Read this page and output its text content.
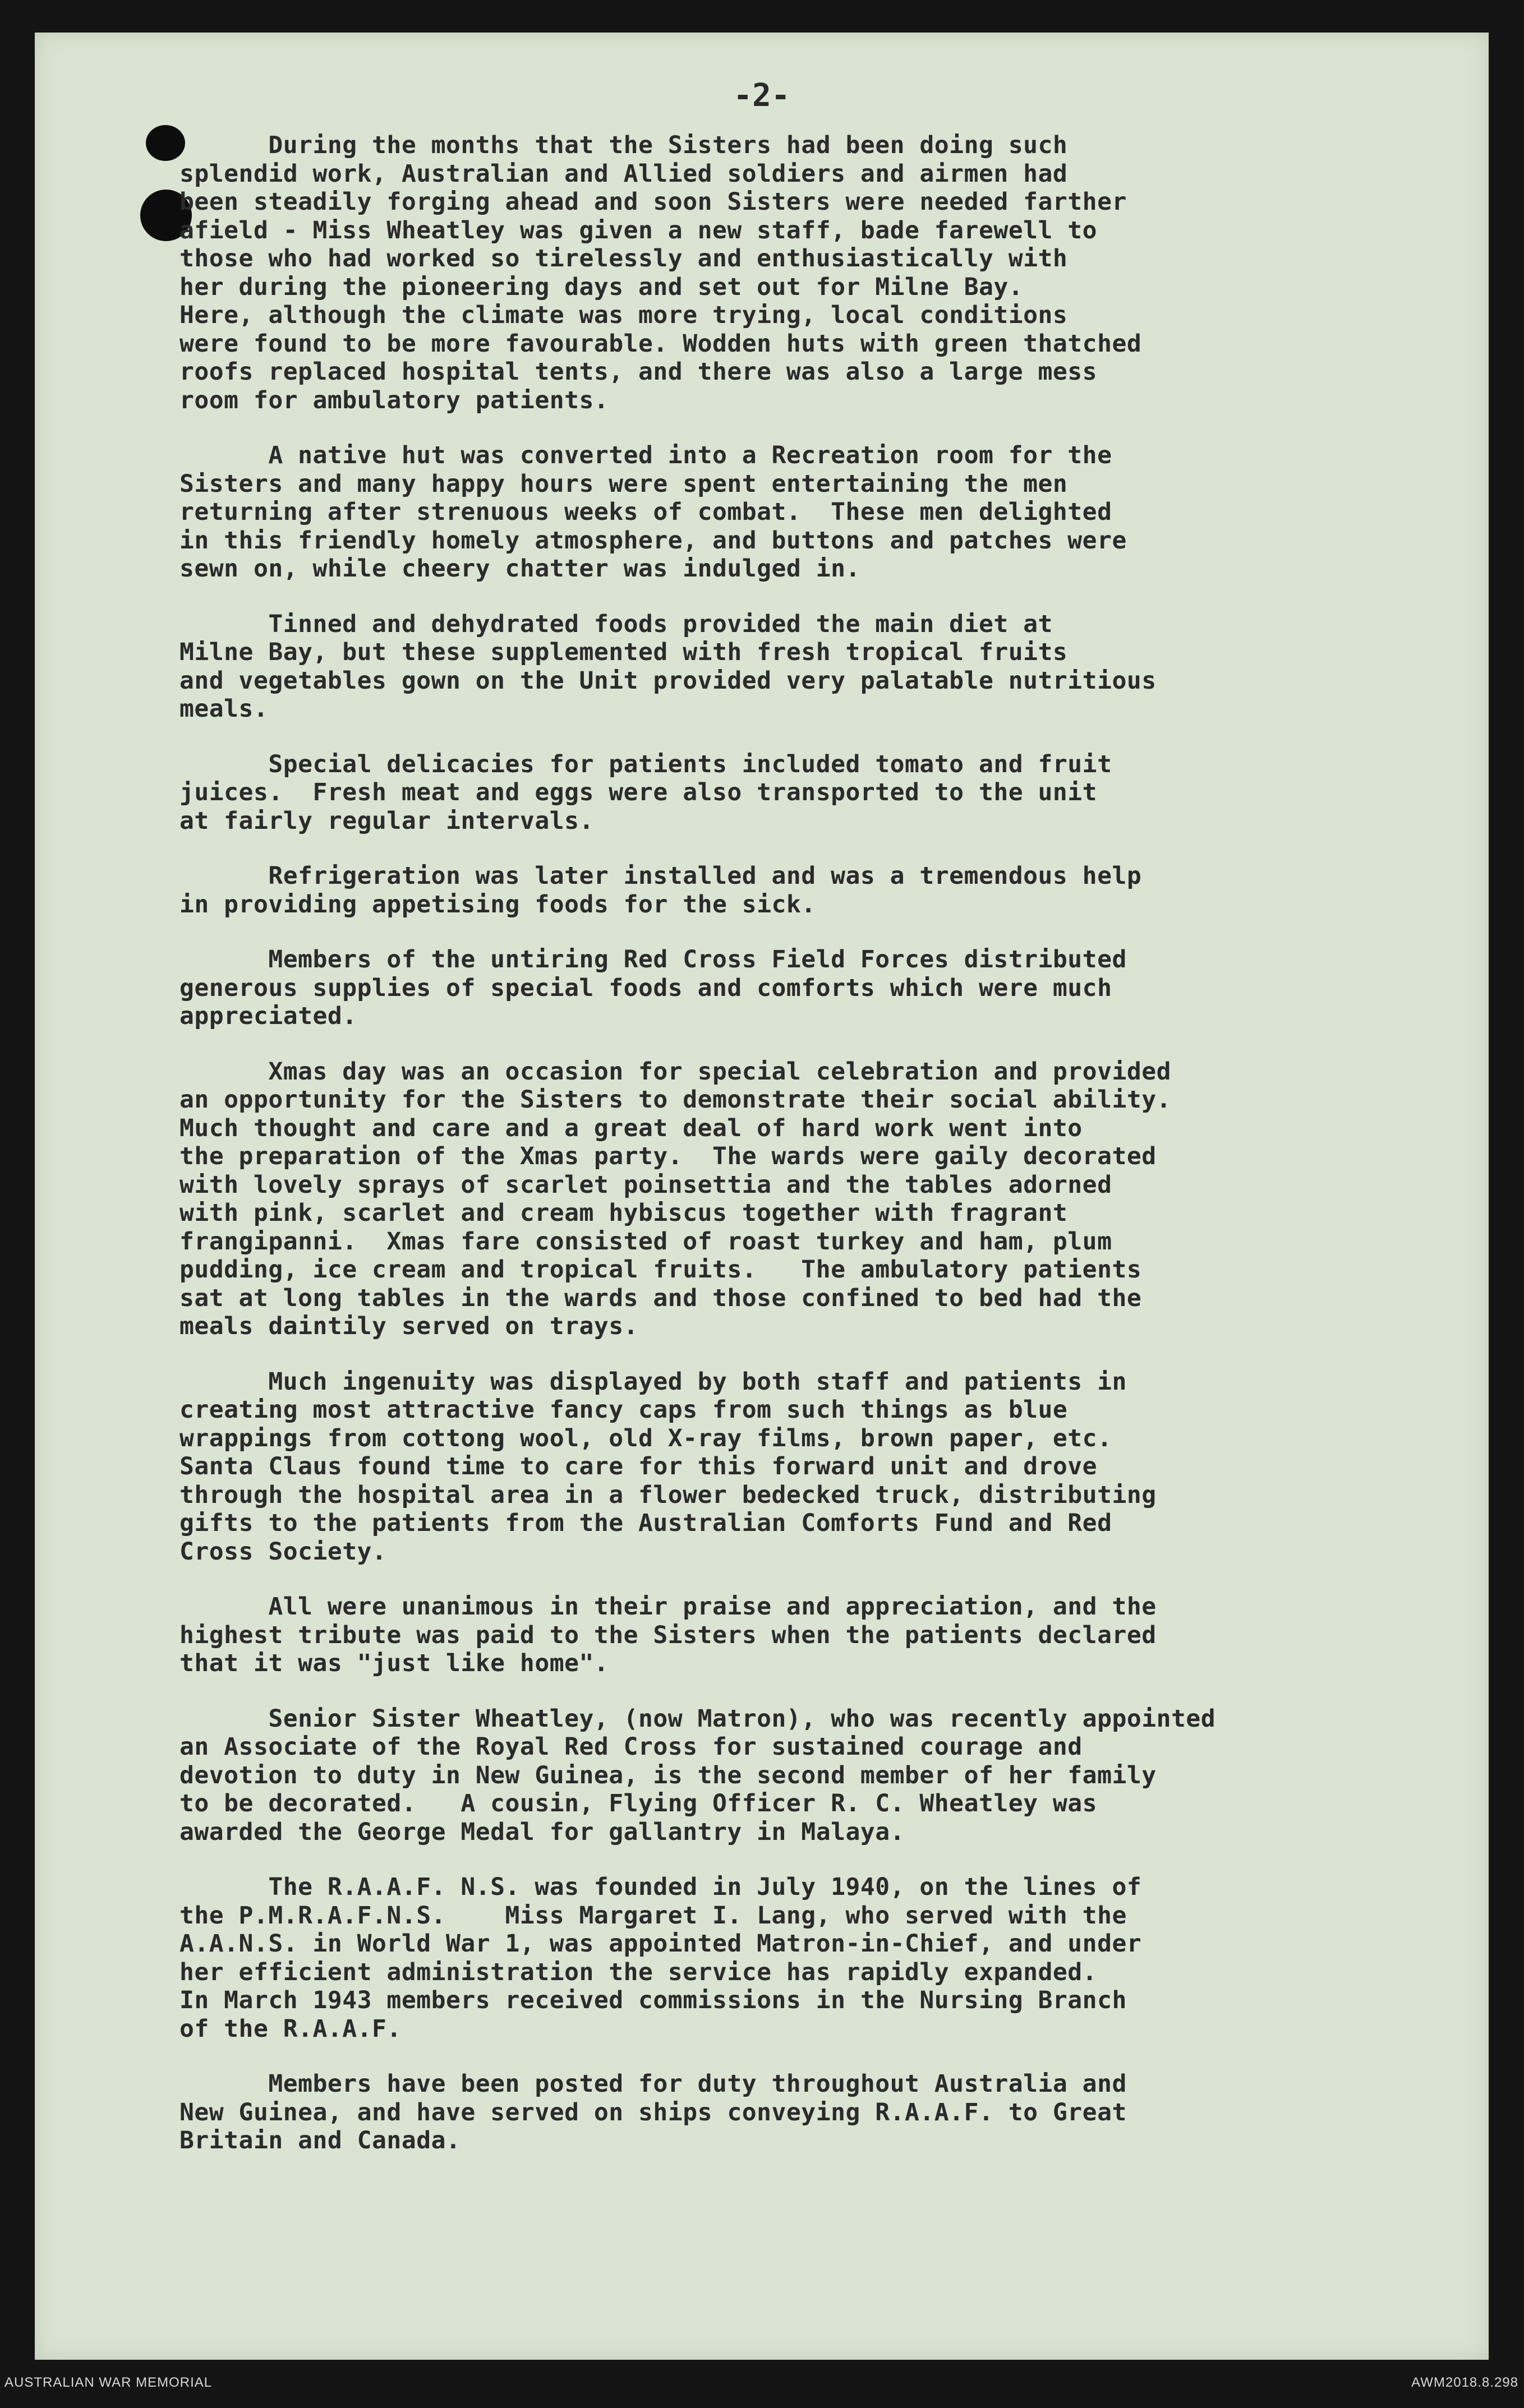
-2-
During the months that the Sisters had been doing such
splendid work, Australian and Allied soldiers and airmen had
been steadily forging ahead and soon Sisters were needed farther
afield - Miss Wheatley was given a new staff, bade farewell to
those who had worked so tirelessly and enthusiastically with
her during the pioneering days and set out for Milne Bay.
Here, although the climate was more trying, local conditions
were found to be more favourable. Wodden huts with green thatched
roofs replaced hospital tents, and there was also a large mess
room for ambulatory patients.
A native hut was converted into a Recreation room for the
Sisters and many happy hours were spent entertaining the men
returning after strenuous weeks of combat.  These men delighted
in this friendly homely atmosphere, and buttons and patches were
sewn on, while cheery chatter was indulged in.
Tinned and dehydrated foods provided the main diet at
Milne Bay, but these supplemented with fresh tropical fruits
and vegetables gown on the Unit provided very palatable nutritious
meals.
Special delicacies for patients included tomato and fruit
juices.  Fresh meat and eggs were also transported to the unit
at fairly regular intervals.
Refrigeration was later installed and was a tremendous help
in providing appetising foods for the sick.
Members of the untiring Red Cross Field Forces distributed
generous supplies of special foods and comforts which were much
appreciated.
Xmas day was an occasion for special celebration and provided
an opportunity for the Sisters to demonstrate their social ability.
Much thought and care and a great deal of hard work went into
the preparation of the Xmas party.  The wards were gaily decorated
with lovely sprays of scarlet poinsettia and the tables adorned
with pink, scarlet and cream hybiscus together with fragrant
frangipanni.  Xmas fare consisted of roast turkey and ham, plum
pudding, ice cream and tropical fruits.   The ambulatory patients
sat at long tables in the wards and those confined to bed had the
meals daintily served on trays.
Much ingenuity was displayed by both staff and patients in
creating most attractive fancy caps from such things as blue
wrappings from cottong wool, old X-ray films, brown paper, etc.
Santa Claus found time to care for this forward unit and drove
through the hospital area in a flower bedecked truck, distributing
gifts to the patients from the Australian Comforts Fund and Red
Cross Society.
All were unanimous in their praise and appreciation, and the
highest tribute was paid to the Sisters when the patients declared
that it was "just like home".
Senior Sister Wheatley, (now Matron), who was recently appointed
an Associate of the Royal Red Cross for sustained courage and
devotion to duty in New Guinea, is the second member of her family
to be decorated.   A cousin, Flying Officer R. C. Wheatley was
awarded the George Medal for gallantry in Malaya.
The R.A.A.F. N.S. was founded in July 1940, on the lines of
the P.M.R.A.F.N.S.    Miss Margaret I. Lang, who served with the
A.A.N.S. in World War 1, was appointed Matron-in-Chief, and under
her efficient administration the service has rapidly expanded.
In March 1943 members received commissions in the Nursing Branch
of the R.A.A.F.
Members have been posted for duty throughout Australia and
New Guinea, and have served on ships conveying R.A.A.F. to Great
Britain and Canada.
AUSTRALIAN WAR MEMORIAL	AWM2018.8.298
